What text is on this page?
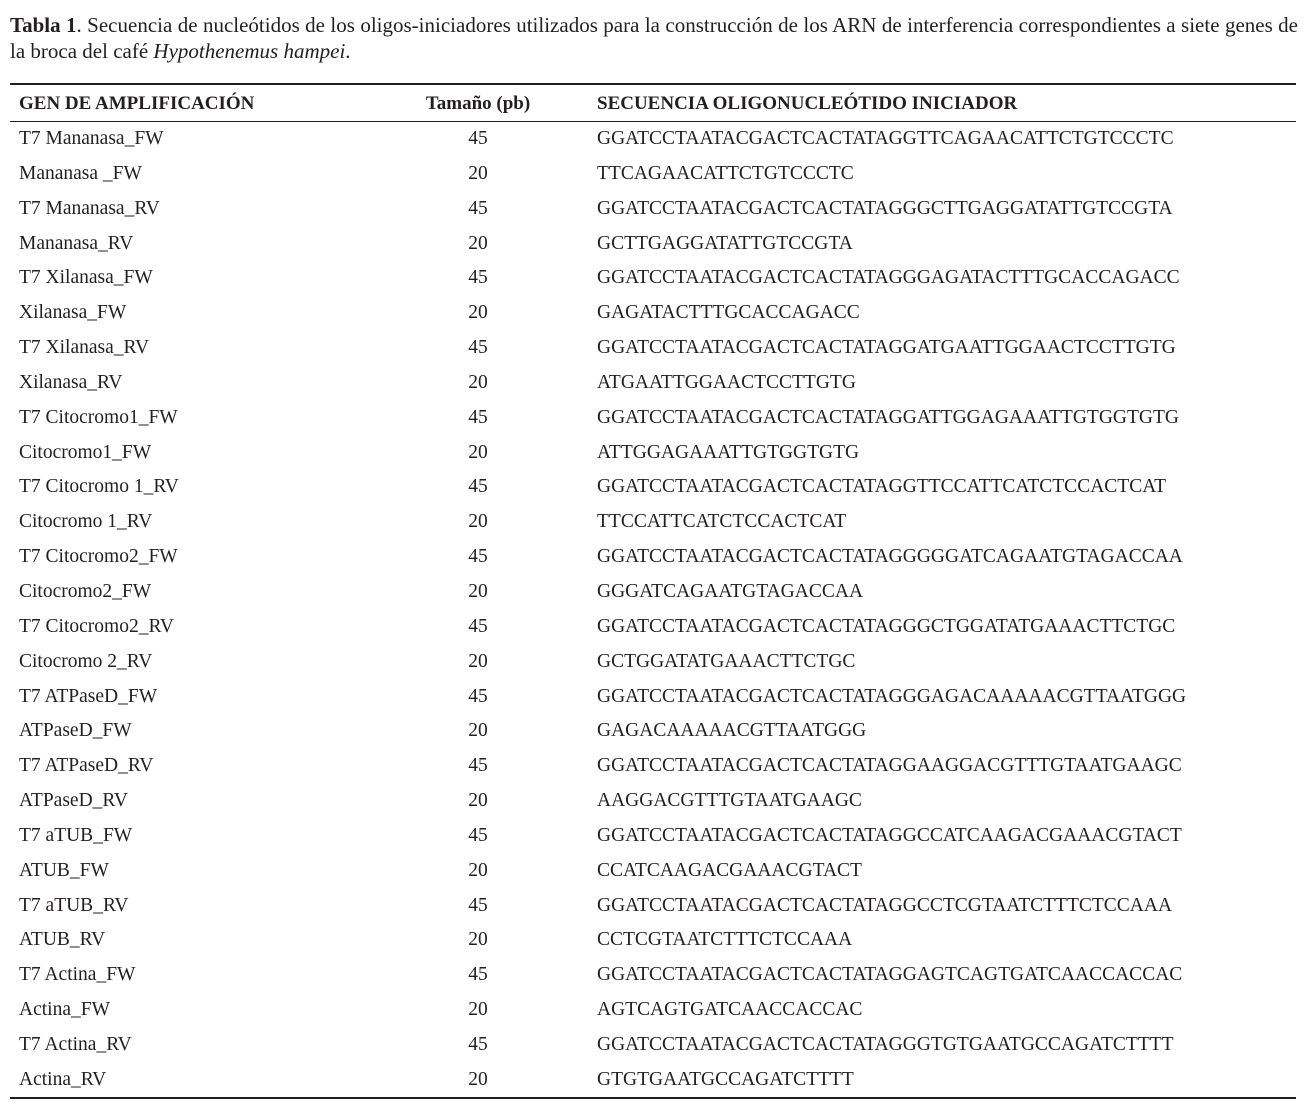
Tabla 1. Secuencia de nucleótidos de los oligos-iniciadores utilizados para la construcción de los ARN de interferencia correspondientes a siete genes de la broca del café Hypothenemus hampei.
GEN DE AMPLIFICACIÓN	Tamaño (pb)	SECUENCIA OLIGONUCLEÓTIDO INICIADOR
T7 Mananasa_FW	45	GGATCCTAATACGACTCACTATAGGTTCAGAACATTCTGTCCCTC
Mananasa _FW	20	TTCAGAACATTCTGTCCCTC
T7 Mananasa_RV	45	GGATCCTAATACGACTCACTATAGGGCTTGAGGATATTGTCCGTA
Mananasa_RV	20	GCTTGAGGATATTGTCCGTA
T7 Xilanasa_FW	45	GGATCCTAATACGACTCACTATAGGGAGATACTTTGCACCAGACC
Xilanasa_FW	20	GAGATACTTTGCACCAGACC
T7 Xilanasa_RV	45	GGATCCTAATACGACTCACTATAGGATGAATTGGAACTCCTTGTG
Xilanasa_RV	20	ATGAATTGGAACTCCTTGTG
T7 Citocromo1_FW	45	GGATCCTAATACGACTCACTATAGGATTGGAGAAATTGTGGTGTG
Citocromo1_FW	20	ATTGGAGAAATTGTGGTGTG
T7 Citocromo 1_RV	45	GGATCCTAATACGACTCACTATAGGTTCCATTCATCTCCACTCAT
Citocromo 1_RV	20	TTCCATTCATCTCCACTCAT
T7 Citocromo2_FW	45	GGATCCTAATACGACTCACTATAGGGGGATCAGAATGTAGACCAA
Citocromo2_FW	20	GGGATCAGAATGTAGACCAA
T7 Citocromo2_RV	45	GGATCCTAATACGACTCACTATAGGGCTGGATATGAAACTTCTGC
Citocromo 2_RV	20	GCTGGATATGAAACTTCTGC
T7 ATPaseD_FW	45	GGATCCTAATACGACTCACTATAGGGAGACAAAAACGTTAATGGG
ATPaseD_FW	20	GAGACAAAAACGTTAATGGG
T7 ATPaseD_RV	45	GGATCCTAATACGACTCACTATAGGAAGGACGTTTGTAATGAAGC
ATPaseD_RV	20	AAGGACGTTTGTAATGAAGC
T7 aTUB_FW	45	GGATCCTAATACGACTCACTATAGGCCATCAAGACGAAACGTACT
ATUB_FW	20	CCATCAAGACGAAACGTACT
T7 aTUB_RV	45	GGATCCTAATACGACTCACTATAGGCCTCGTAATCTTTCTCCAAA
ATUB_RV	20	CCTCGTAATCTTTCTCCAAA
T7 Actina_FW	45	GGATCCTAATACGACTCACTATAGGAGTCAGTGATCAACCACCAC
Actina_FW	20	AGTCAGTGATCAACCACCAC
T7 Actina_RV	45	GGATCCTAATACGACTCACTATAGGGTGTGAATGCCAGATCTTTT
Actina_RV	20	GTGTGAATGCCAGATCTTTT
